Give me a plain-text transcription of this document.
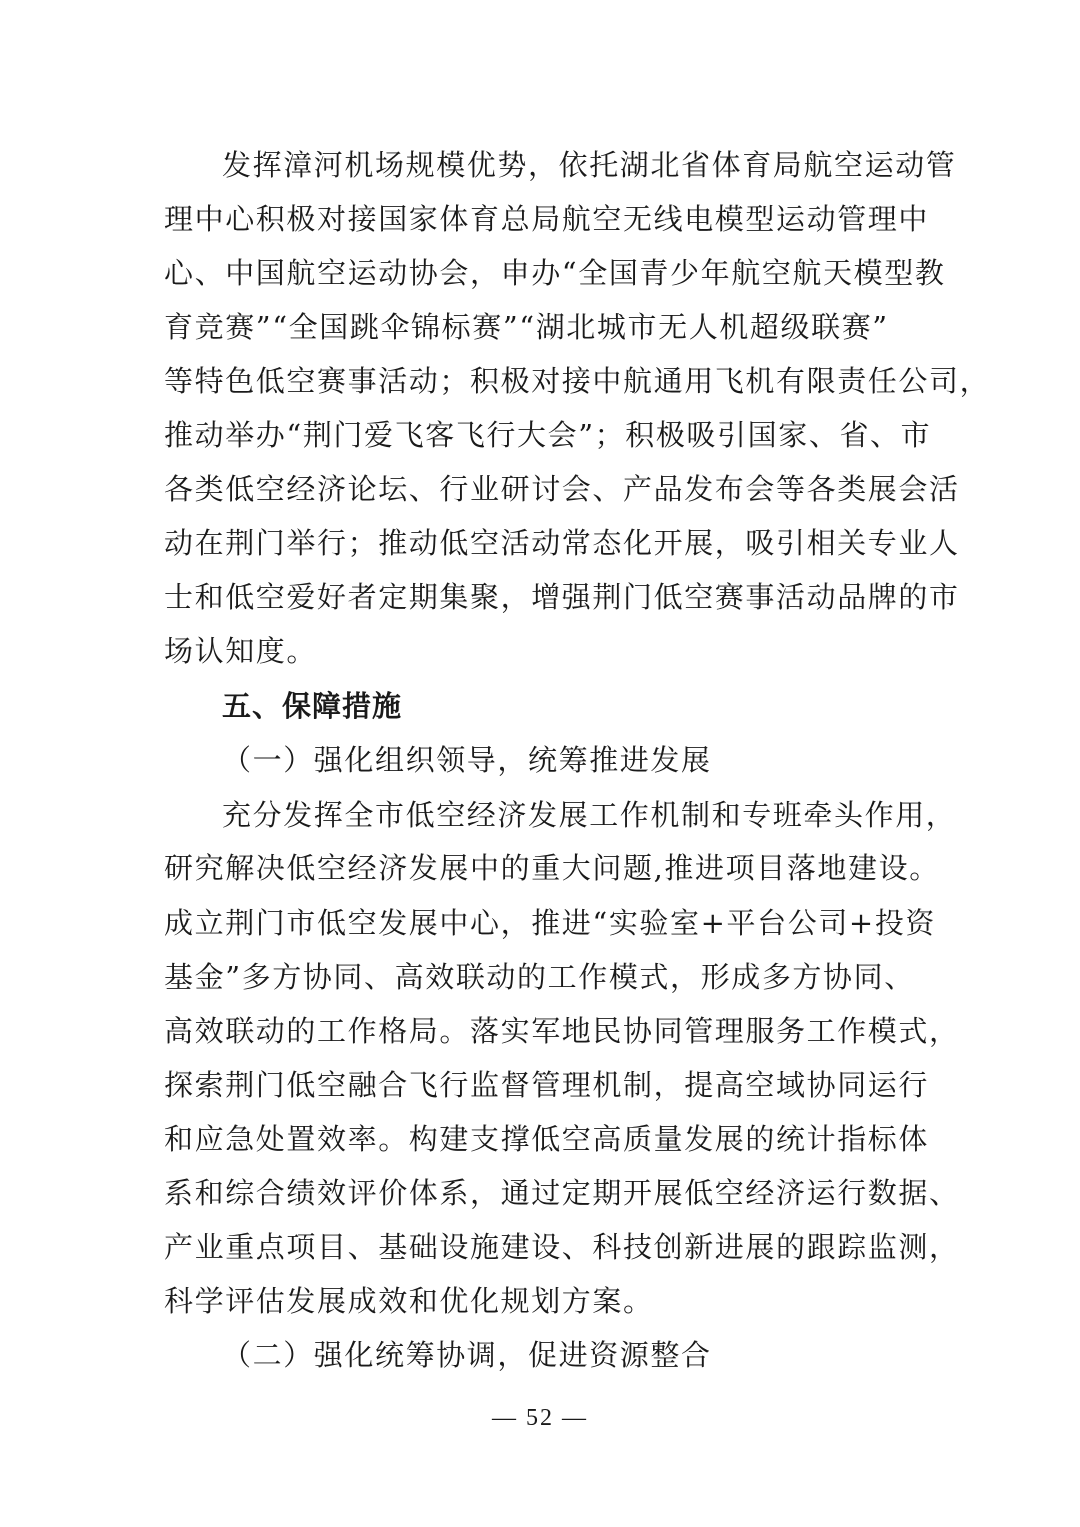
发挥漳河机场规模优势，依托湖北省体育局航空运动管
理中心积极对接国家体育总局航空无线电模型运动管理中
心、中国航空运动协会，申办“全国青少年航空航天模型教
育竞赛”“全国跳伞锦标赛”“湖北城市无人机超级联赛”
等特色低空赛事活动；积极对接中航通用飞机有限责任公司，
推动举办“荆门爱飞客飞行大会”；积极吸引国家、省、市
各类低空经济论坛、行业研讨会、产品发布会等各类展会活
动在荆门举行；推动低空活动常态化开展，吸引相关专业人
士和低空爱好者定期集聚，增强荆门低空赛事活动品牌的市
场认知度。
五、保障措施
（一）强化组织领导，统筹推进发展
充分发挥全市低空经济发展工作机制和专班牵头作用，
研究解决低空经济发展中的重大问题,推进项目落地建设。
成立荆门市低空发展中心，推进“实验室+平台公司+投资
基金”多方协同、高效联动的工作模式，形成多方协同、
高效联动的工作格局。落实军地民协同管理服务工作模式，
探索荆门低空融合飞行监督管理机制，提高空域协同运行
和应急处置效率。构建支撑低空高质量发展的统计指标体
系和综合绩效评价体系，通过定期开展低空经济运行数据、
产业重点项目、基础设施建设、科技创新进展的跟踪监测，
科学评估发展成效和优化规划方案。
（二）强化统筹协调，促进资源整合
— 52 —
